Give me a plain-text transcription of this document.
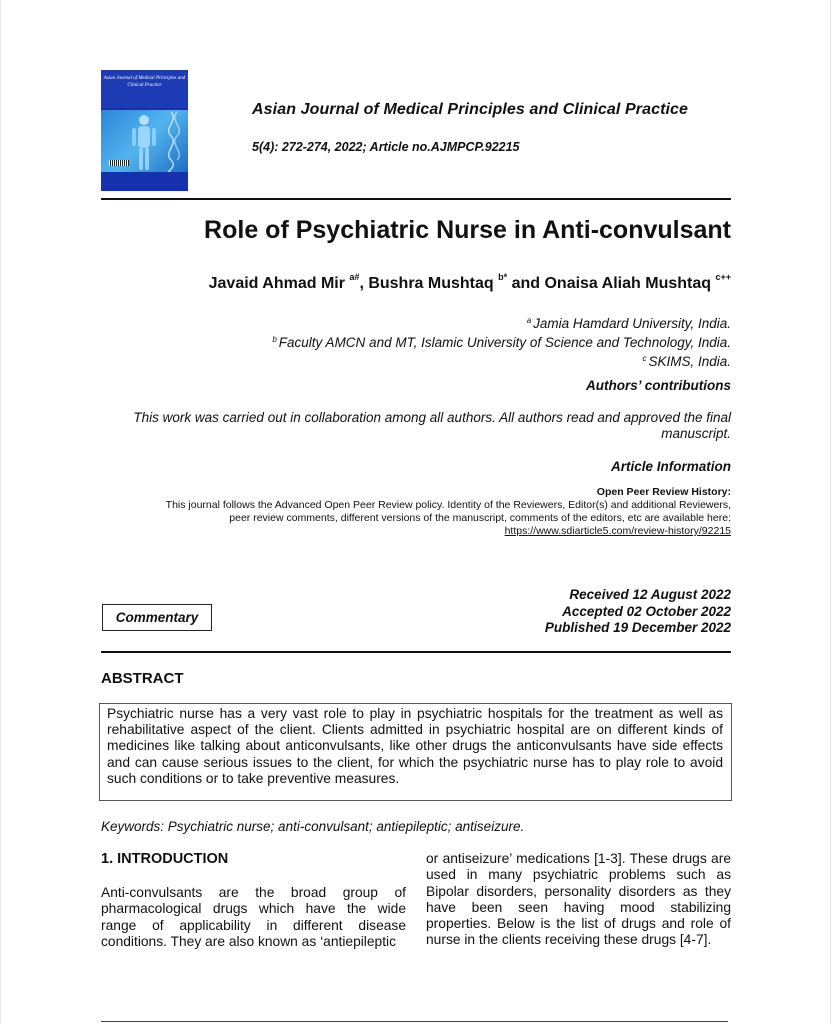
Asian Journal of Medical Principles and Clinical Practice
Asian Journal of Medical Principles and Clinical Practice
5(4): 272-274, 2022; Article no.AJMPCP.92215
Role of Psychiatric Nurse in Anti-convulsant
Javaid Ahmad Mir $^{a\#}$, Bushra Mushtaq $^{b*}$ and Onaisa Aliah Mushtaq $^{c++}$
$^a$ Jamia Hamdard University, India.
$^b$ Faculty AMCN and MT, Islamic University of Science and Technology, India.
$^c$ SKIMS, India.
Authors’ contributions
This work was carried out in collaboration among all authors. All authors read and approved the final manuscript.
Article Information
Open Peer Review History:
This journal follows the Advanced Open Peer Review policy. Identity of the Reviewers, Editor(s) and additional Reviewers,
peer review comments, different versions of the manuscript, comments of the editors, etc are available here:
https://www.sdiarticle5.com/review-history/92215
Commentary
Received 12 August 2022
Accepted 02 October 2022
Published 19 December 2022
ABSTRACT
Psychiatric nurse has a very vast role to play in psychiatric hospitals for the treatment as well as rehabilitative aspect of the client. Clients admitted in psychiatric hospital are on different kinds of medicines like talking about anticonvulsants, like other drugs the anticonvulsants have side effects and can cause serious issues to the client, for which the psychiatric nurse has to play role to avoid such conditions or to take preventive measures.
Keywords: Psychiatric nurse; anti-convulsant; antiepileptic; antiseizure.
1. INTRODUCTION
Anti-convulsants are the broad group of pharmacological drugs which have the wide range of applicability in different disease conditions. They are also known as ‘antiepileptic
or antiseizure’ medications [1-3]. These drugs are used in many psychiatric problems such as Bipolar disorders, personality disorders as they have been seen having mood stabilizing properties. Below is the list of drugs and role of nurse in the clients receiving these drugs [4-7].
